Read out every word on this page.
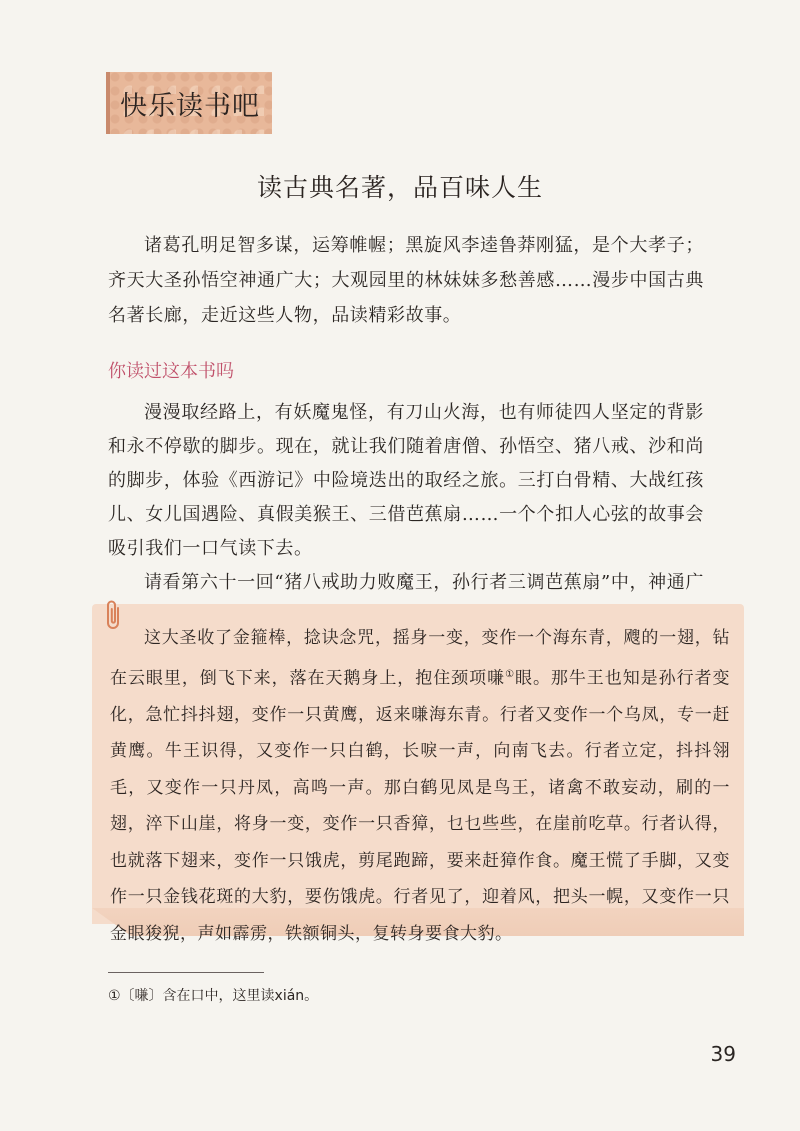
快乐读书吧
读古典名著，品百味人生

诸葛孔明足智多谋，运筹帷幄；黑旋风李逵鲁莽刚猛，是个大孝子；齐天大圣孙悟空神通广大；大观园里的林妹妹多愁善感……漫步中国古典名著长廊，走近这些人物，品读精彩故事。

你读过这本书吗

漫漫取经路上，有妖魔鬼怪，有刀山火海，也有师徒四人坚定的背影和永不停歇的脚步。现在，就让我们随着唐僧、孙悟空、猪八戒、沙和尚的脚步，体验《西游记》中险境迭出的取经之旅。三打白骨精、大战红孩儿、女儿国遇险、真假美猴王、三借芭蕉扇……一个个扣人心弦的故事会吸引我们一口气读下去。

请看第六十一回“猪八戒助力败魔王，孙行者三调芭蕉扇”中，神通广

这大圣收了金箍棒，捻诀念咒，摇身一变，变作一个海东青，飕的一翅，钻在云眼里，倒飞下来，落在天鹅身上，抱住颈项嗛①眼。那牛王也知是孙行者变化，急忙抖抖翅，变作一只黄鹰，返来嗛海东青。行者又变作一个乌凤，专一赶黄鹰。牛王识得，又变作一只白鹤，长唳一声，向南飞去。行者立定，抖抖翎毛，又变作一只丹凤，高鸣一声。那白鹤见凤是鸟王，诸禽不敢妄动，刷的一翅，淬下山崖，将身一变，变作一只香獐，乜乜些些，在崖前吃草。行者认得，也就落下翅来，变作一只饿虎，剪尾跑蹄，要来赶獐作食。魔王慌了手脚，又变作一只金钱花斑的大豹，要伤饿虎。行者见了，迎着风，把头一幌，又变作一只金眼狻猊，声如霹雳，铁额铜头，复转身要食大豹。

①〔嗛〕含在口中，这里读xián。
39
